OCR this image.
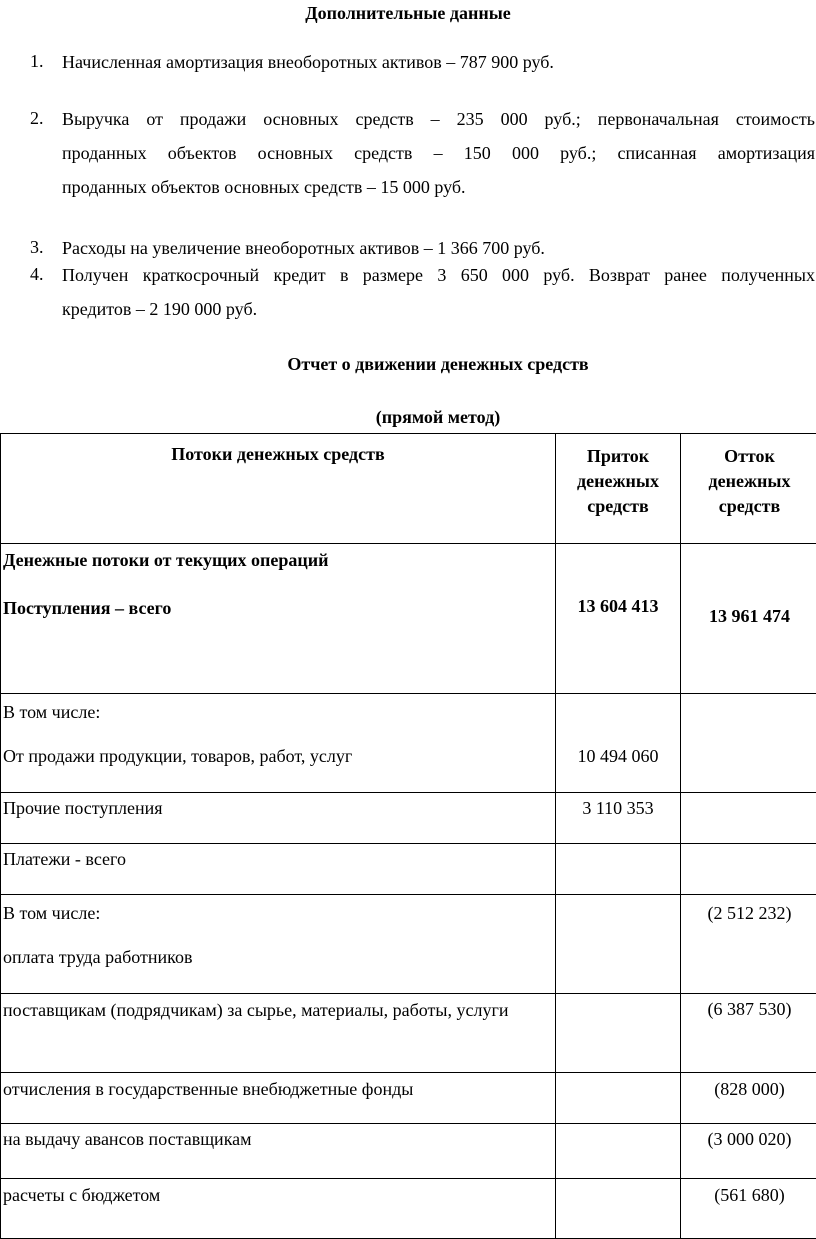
Дополнительные данные
1. Начисленная амортизация внеоборотных активов – 787 900 руб.
2. Выручка от продажи основных средств – 235 000 руб.; первоначальная стоимость
проданных объектов основных средств – 150 000 руб.; списанная амортизация
проданных объектов основных средств – 15 000 руб.
3. Расходы на увеличение внеоборотных активов – 1 366 700 руб.
4. Получен краткосрочный кредит в размере 3 650 000 руб. Возврат ранее полученных
кредитов – 2 190 000 руб.
Отчет о движении денежных средств
(прямой метод)
Потоки денежных средств	Приток
денежных
средств	Отток
денежных
средств

Денежные потоки от текущих операций
Поступления – всего	13 604 413	13 961 474

В том числе:
От продажи продукции, товаров, работ, услуг	10 494 060	
Прочие поступления	3 110 353	
Платежи - всего		

В том числе:
оплата труда работников		(2 512 232)
поставщикам (подрядчикам) за сырье, материалы, работы, услуги		(6 387 530)
отчисления в государственные внебюджетные фонды		(828 000)
на выдачу авансов поставщикам		(3 000 020)
расчеты с бюджетом		(561 680)
